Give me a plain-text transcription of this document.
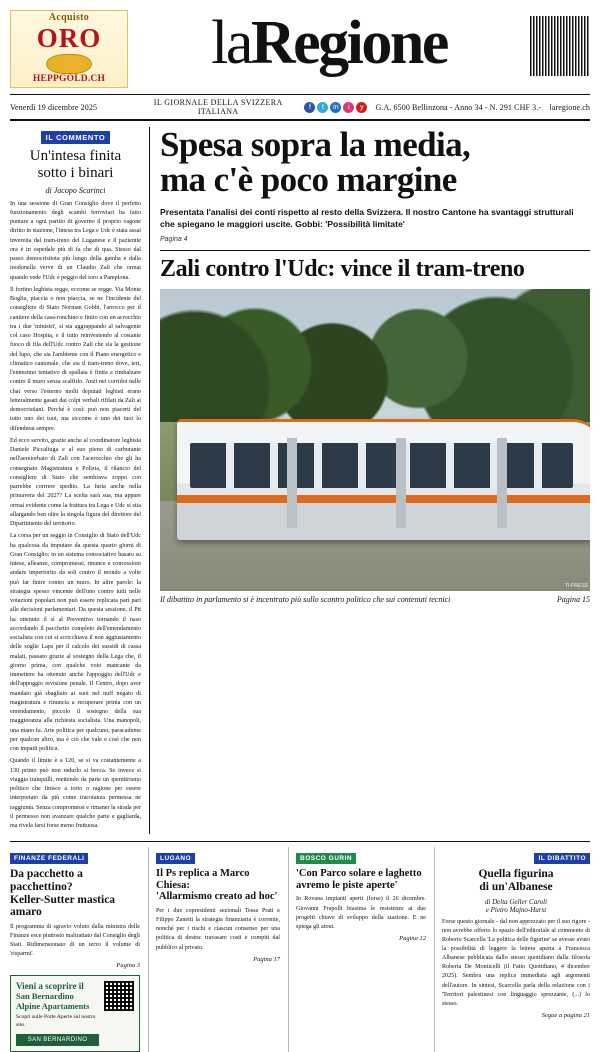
Acquisto
ORO
HEPPGOLD.CH
laRegione
Venerdì 19 dicembre 2025	IL GIORNALE DELLA SVIZZERA ITALIANA	f	t	in	i	y	G.A. 6500 Bellinzona - Anno 34 - N. 291 CHF 3.- laregione.ch
IL COMMENTO
Un'intesa finita
sotto i binari
di Jacopo Scarinci

In una sessione di Gran Consiglio dove il perfetto funzionamento degli scambi ferroviari ha fatto puntare a ogni partito di governo il proprio vagone diritto in stazione, l'intesa tra Lega e Udc è stata assai invereita dal tram-treno del Luganese e il pazientte ora è in ospedale più di fa che di qua. Stesso dal passo democristiota più lungo della gamba e dalla inodonella verve di un Claudio Zali che ormai quando vede l'Udc è peggio del toro a Pamplona.

Il fortino leghista regge, eccome se regge. Via Monte Boglia, piaccia o non piaccia, se ne l'incidente del consigliere di Stato Norman Gobbi, l'arrocco per il cantiere della casa-ronchino e finito con un acrocchio tra i due 'ministri', si sta aggrappando al salvagente col caso Hospita, e il tutto reinvestendo al costante fuoco di fila dell'Udc contro Zali che sia la gestione del lupo, che sia l'ambiente con il Piano energetico e climatico cantonale, che sia il tram-treno dove, ieri, l'ennesimo tentativo di spallata è finita a rimbalzare contro il muro senza scalfirlo. Anzi nei corridoi nelle chat verso l'esterno molti deputati leghisti erano letteralmente gasati dai colpi verbali rifilati da Zali ai democristiani. Perché è così: può non piacerti del tutto uno dei tuoi, ma siccome è uno dei tuoi lo difenderai sempre.

Ed ecco servito, grazie anche al coordinatore leghista Daniele Piccaliuga e al suo pieno di carburante nell'aereiorbato di Zali con l'acerocchio che gli ha consegnato Magistratura e Polizia, il rilancio del consigliere di Stato che sembrava zoppo con parrebbe corrrere spedito. La furia anche nella primavera del 2027? La scelta sarà sua, ma appare ormai evidente come la frattura tra Lega e Udc si stia allargando ben oltre la singola figura del direttore del Dipartimento del territorio.

La corsa per un seggio in Consiglio di Stato dell'Udc ha qualcosa da imputare da questa quarto giorni di Gran Consiglio: in un sistema consociativo basato su intese, alleanze, compromessi, rinunce e concessioni andare impertorito da soli contro il mondo a volte può far finire contro un muro. In altre parole: la strategia spesso vincente dell'uno contro tutti nelle votazioni popolari non può essere replicata pari pari alle decisioni parlamentari. Da questa sessione, il Ptt ha ottenuto il sì al Preventivo tornando il naso accordando il pacchetto completo dell'emendamento socialista con cui si scricchiava il non aggiustamento delle soglie Laps per il calcolo dei sussidi di cassa malati, passato grazie al sostegno della Lega che, il giorno prima, con qualche voto mancante da immettere ha ottenuto anche l'appoggio dell'Udc e dell'appoggio revisione penale. Il Centro, dopo aver mandato già sbagliato ai suoi nel nuff negato di magistratura e rinuncia a recuperare prima con un emendamento, piccolo il sostegno della sua maggioranza alla richiesta socialista. Una manopoli, una mano fa. Arte politica per qualcuno, paracadume per qualcun altro, ma è ciò che vale e così che non con impatti politica.

Quando il limite è a 120, se si va costantemente a 130 primo può non radurlo si becca. Se invece si viaggia tranquilli, mettendo da parte un ipernitrismo politico che finisce a torto o ragione per essere interpretato da più come tracotanza permessa ne raggiunta. Senza compromessi e rimaner la strada per il permesso non avanzare qualche parte e gagliarda, ma rivela farsi forse meno fruttuosa.

Spesa sopra la media,
ma c'è poco margine
Presentata l'analisi dei conti rispetto al resto della Svizzera. Il nostro Cantone ha svantaggi strutturali che spiegano le maggiori uscite. Gobbi: 'Possibilità limitate'
Pagina 4
Zali contro l'Udc: vince il tram-treno
TI-PRESS
Il dibattito in parlamento si è incentrato più sullo scontro politico che sui contenuti tecnici	Pagina 15
FINANZE FEDERALI
Da pacchetto a pacchettino?
Keller-Sutter mastica amaro
Il programma di sgravio voluto dalla ministra delle Finanze esce piuttosto maltrattato dal Consiglio degli Stati. Ridimensionato di un terzo il volume di 'risparmi'.
Pagina 3
Vieni a scoprire il
San Bernardino
Alpine Apartaments
Scopri sulle Porte Aperte sul nostro sito.
SAN BERNARDINO
LUGANO
Il Ps replica a Marco Chiesa:
'Allarmismo creato ad hoc'
Per i due copresidenti sezionali Tessa Prati e Filippo Zanetti la strategia finanziaria è corrente, nonché per i rischi e ciascun consenso per una politica di destra: travasare costi e compiti dal pubblico al privato.
Pagina 17
BOSCO GURIN
'Con Parco solare e laghetto
avremo le piste aperte'
In Rovana impianti aperti (forse) il 26 dicembre. Giovanni Frapolli biasima le resistenze ai due progetti chiave di sviluppo della stazione. E ne spiega gli atout.
Pagina 12
IL DIBATTITO
Quella figurina
di un'Albanese
di Delta Geller Caroli
e Pietro Majno-Hurst
Forse questo giornale - dal non apprezzato per il suo rigore - non avrebbe offerto lo spazio dell'editoriale al commento di Roberto Scarcella 'La politica delle figurine' se avesse avuto la possibilità di leggere la lettera aperta a Francesca Albanese pubblicata dallo stesso quotidiano dalla filosofa Roberta De Monticelli (il Fatto Quotidiano, 4 dicembre 2025). Sembra una replica immediata agli argomenti dell'autore. In sintesi, Scarcella parla della relazione con i 'Territori palestinesi con linguaggio sprezzante, (...) lo stesso.
Segue a pagina 21
